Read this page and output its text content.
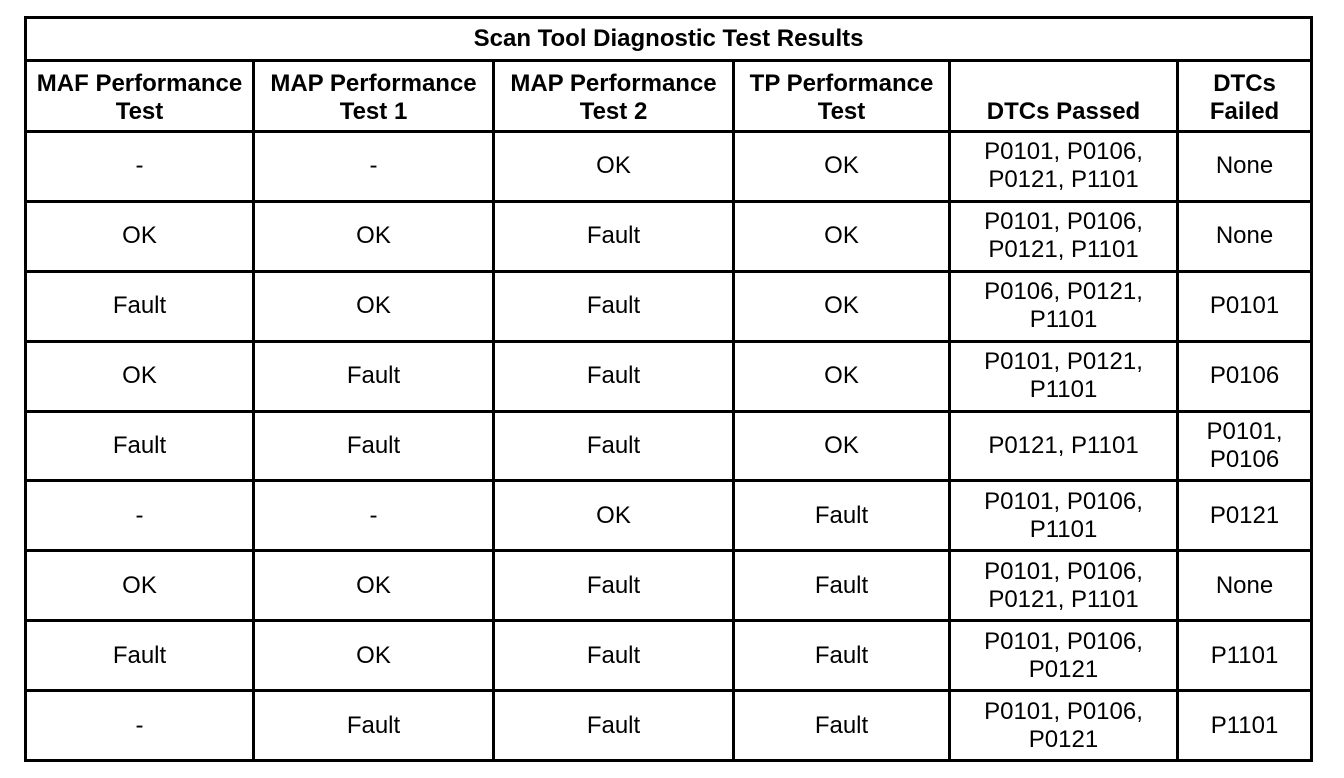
Scan Tool Diagnostic Test Results					
MAF Performance Test	MAP Performance Test 1	MAP Performance Test 2	TP Performance Test	DTCs Passed	DTCs Failed
-	-	OK	OK	P0101, P0106, P0121, P1101	None
OK	OK	Fault	OK	P0101, P0106, P0121, P1101	None
Fault	OK	Fault	OK	P0106, P0121, P1101	P0101
OK	Fault	Fault	OK	P0101, P0121, P1101	P0106
Fault	Fault	Fault	OK	P0121, P1101	P0101, P0106
-	-	OK	Fault	P0101, P0106, P1101	P0121
OK	OK	Fault	Fault	P0101, P0106, P0121, P1101	None
Fault	OK	Fault	Fault	P0101, P0106, P0121	P1101
-	Fault	Fault	Fault	P0101, P0106, P0121	P1101
